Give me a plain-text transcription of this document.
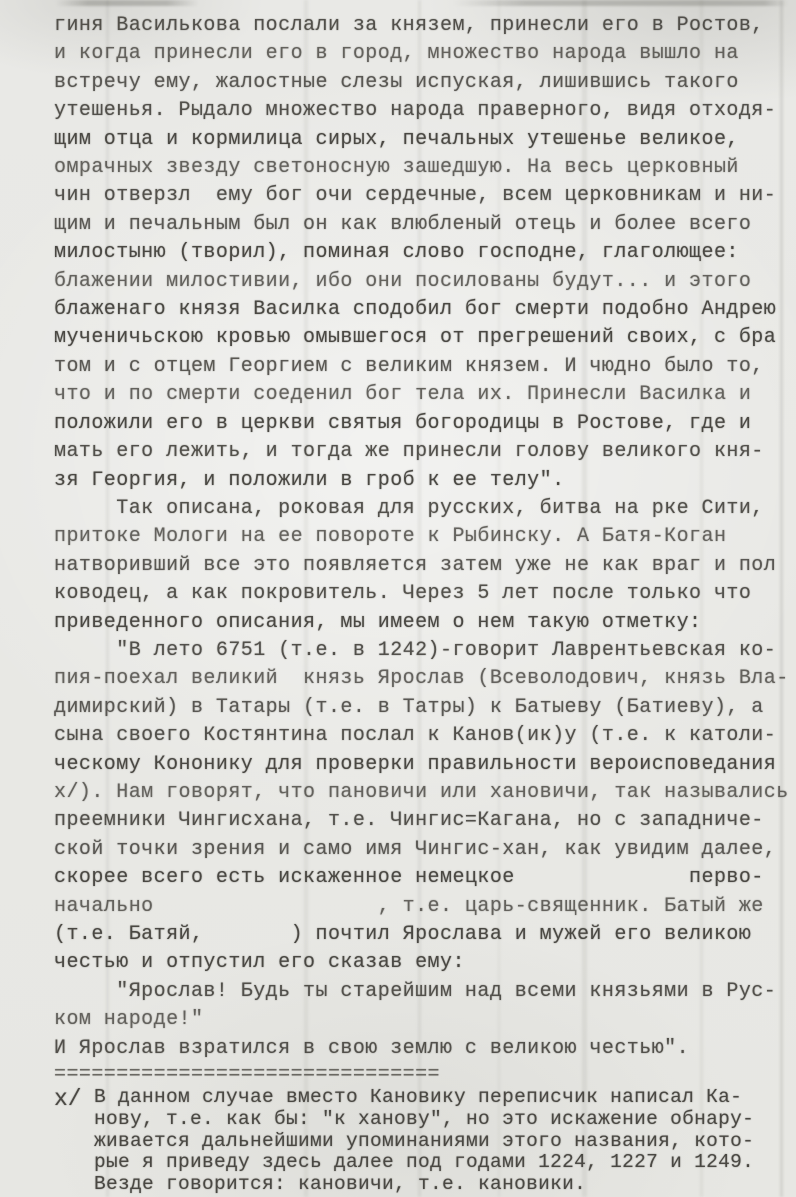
гиня Василькова послали за князем, принесли его в Ростов,
и когда принесли его в город, множество народа вышло на
встречу ему, жалостные слезы испуская, лишившись такого
утешенья. Рыдало множество народа праверного, видя отходя-
щим отца и кормилица сирых, печальных утешенье великое,
омрачных звезду светоносную зашедшую. На весь церковный
чин отверзл  ему бог очи сердечные, всем церковникам и ни-
щим и печальным был он как влюбленый отець и более всего
милостыню (творил), поминая слово господне, глаголющее:
блажении милостивии, ибо они посилованы будут... и этого
блаженаго князя Василка сподобил бог смерти подобно Андрею
мученичьскою кровью омывшегося от прегрешений своих, с бра
том и с отцем Георгием с великим князем. И чюдно было то,
что и по смерти соеденил бог тела их. Принесли Василка и
положили его в церкви святыя богородицы в Ростове, где и
мать его лежить, и тогда же принесли голову великого кня-
зя Георгия, и положили в гроб к ее телу".
Так описана, роковая для русских, битва на рке Сити,
притоке Мологи на ее повороте к Рыбинску. А Батя-Коган
натворивший все это появляется затем уже не как враг и пол
ководец, а как покровитель. Через 5 лет после только что
приведенного описания, мы имеем о нем такую отметку:
"В лето 6751 (т.е. в 1242)-говорит Лаврентьевская ко-
пия-поехал великий  князь Ярослав (Всеволодович, князь Вла-
димирский) в Татары (т.е. в Татры) к Батыеву (Батиеву), а
сына своего Костянтина послал к Канов(ик)у (т.е. к католи-
ческому Кононику для проверки правильности вероисповедания
х/). Нам говорят, что пановичи или хановичи, так назывались
преемники Чингисхана, т.е. Чингис=Кагана, но с западниче-
ской точки зрения и само имя Чингис-хан, как увидим далее,
скорее всего есть искаженное немецкое              перво-
начально                  , т.е. царь-священник. Батый же
(т.е. Батяй,       ) почтил Ярослава и мужей его великою
честью и отпустил его сказав ему:
"Ярослав! Будь ты старейшим над всеми князьями в Рус-
ком народе!"
И Ярослав взратился в свою землю с великою честью".
===============================
х/ В данном случае вместо Кановику переписчик написал Ка-
нову, т.е. как бы: "к ханову", но это искажение обнару-
живается дальнейшими упоминаниями этого названия, кото-
рые я приведу здесь далее под годами 1224, 1227 и 1249.
Везде говорится: кановичи, т.е. кановики.
